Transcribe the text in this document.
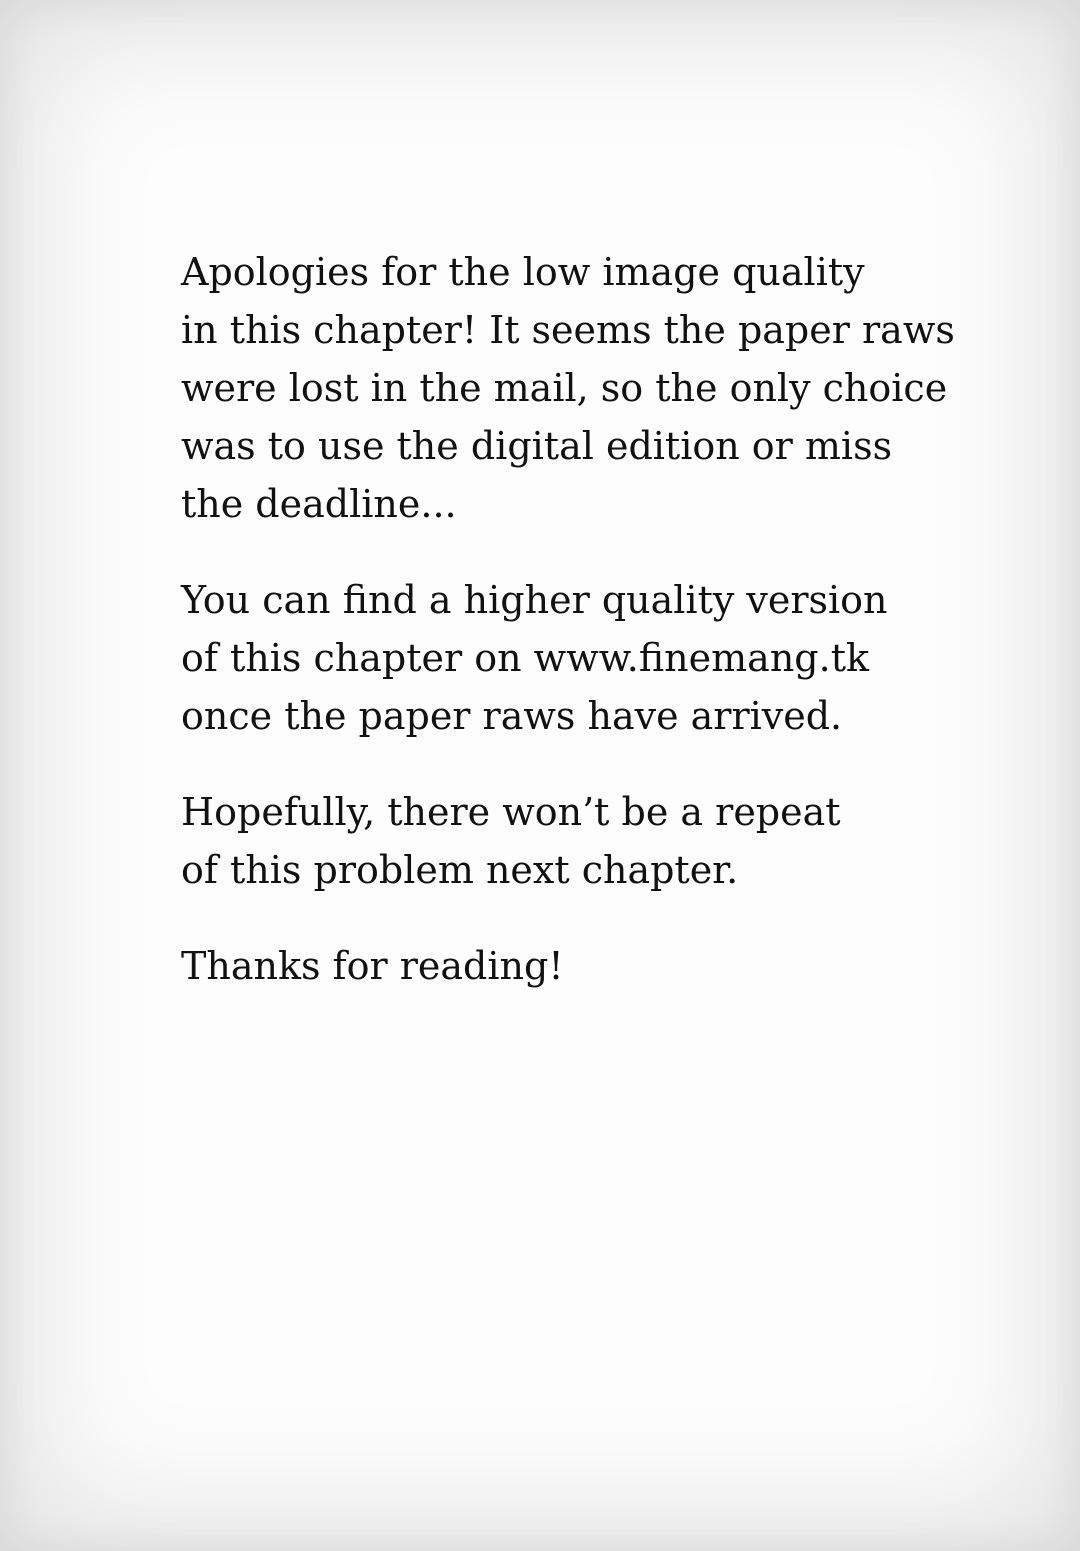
Apologies for the low image quality
in this chapter! It seems the paper raws
were lost in the mail, so the only choice
was to use the digital edition or miss
the deadline...

You can find a higher quality version
of this chapter on www.finemang.tk
once the paper raws have arrived.

Hopefully, there won’t be a repeat
of this problem next chapter.

Thanks for reading!
